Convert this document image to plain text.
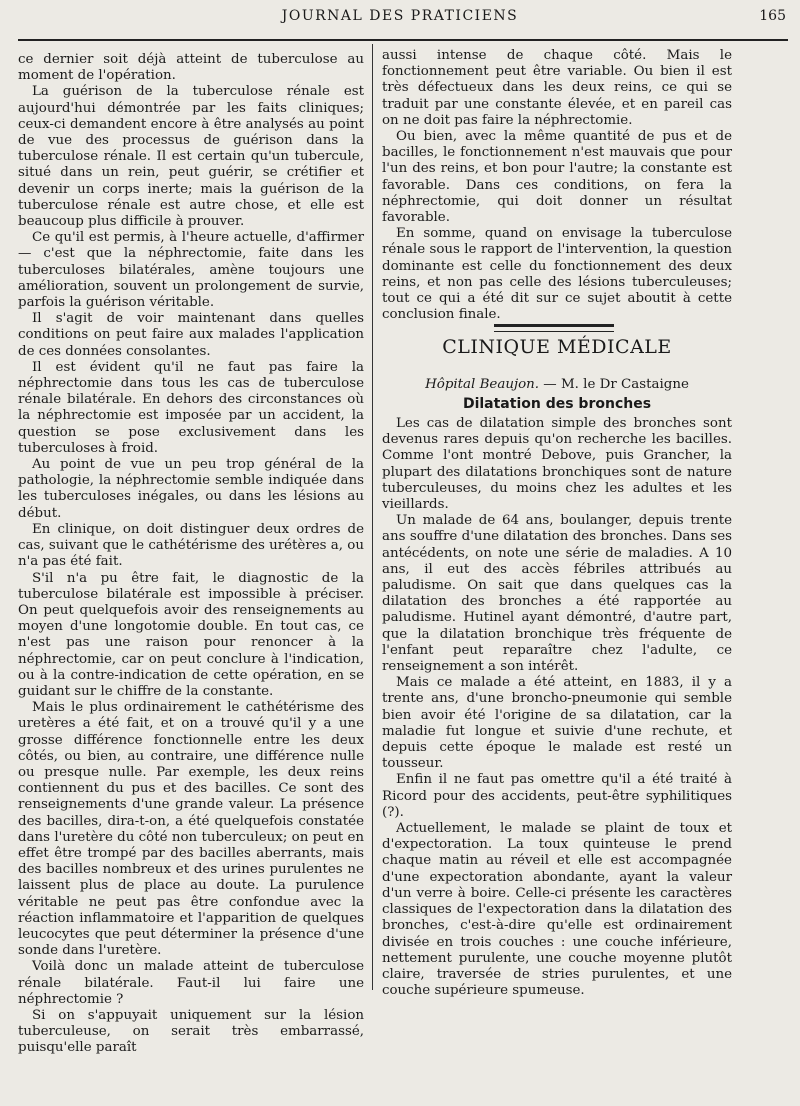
JOURNAL DES PRATICIENS	165

ce dernier soit déjà atteint de tuberculose au moment de l'opération.

La guérison de la tuberculose rénale est aujourd'hui démontrée par les faits cliniques; ceux-ci demandent encore à être analysés au point de vue des processus de guérison dans la tuberculose rénale. Il est certain qu'un tubercule, situé dans un rein, peut guérir, se crétifier et devenir un corps inerte; mais la guérison de la tuberculose rénale est autre chose, et elle est beaucoup plus difficile à prouver.

Ce qu'il est permis, à l'heure actuelle, d'affirmer — c'est que la néphrectomie, faite dans les tuberculoses bilatérales, amène toujours une amélioration, souvent un prolongement de survie, parfois la guérison véritable.

Il s'agit de voir maintenant dans quelles conditions on peut faire aux malades l'application de ces données consolantes.

Il est évident qu'il ne faut pas faire la néphrectomie dans tous les cas de tuberculose rénale bilatérale. En dehors des circonstances où la néphrectomie est imposée par un accident, la question se pose exclusivement dans les tuberculoses à froid.

Au point de vue un peu trop général de la pathologie, la néphrectomie semble indiquée dans les tuberculoses inégales, ou dans les lésions au début.

En clinique, on doit distinguer deux ordres de cas, suivant que le cathétérisme des urétères a, ou n'a pas été fait.

S'il n'a pu être fait, le diagnostic de la tuberculose bilatérale est impossible à préciser. On peut quelquefois avoir des renseignements au moyen d'une longotomie double. En tout cas, ce n'est pas une raison pour renoncer à la néphrectomie, car on peut conclure à l'indication, ou à la contre-indication de cette opération, en se guidant sur le chiffre de la constante.

Mais le plus ordinairement le cathétérisme des uretères a été fait, et on a trouvé qu'il y a une grosse différence fonctionnelle entre les deux côtés, ou bien, au contraire, une différence nulle ou presque nulle. Par exemple, les deux reins contiennent du pus et des bacilles. Ce sont des renseignements d'une grande valeur. La présence des bacilles, dira-t-on, a été quelquefois constatée dans l'uretère du côté non tuberculeux; on peut en effet être trompé par des bacilles aberrants, mais des bacilles nombreux et des urines purulentes ne laissent plus de place au doute. La purulence véritable ne peut pas être confondue avec la réaction inflammatoire et l'apparition de quelques leucocytes que peut déterminer la présence d'une sonde dans l'uretère.

Voilà donc un malade atteint de tuberculose rénale bilatérale. Faut-il lui faire une néphrectomie ?

Si on s'appuyait uniquement sur la lésion tuberculeuse, on serait très embarrassé, puisqu'elle paraît

aussi intense de chaque côté. Mais le fonctionnement peut être variable. Ou bien il est très défectueux dans les deux reins, ce qui se traduit par une constante élevée, et en pareil cas on ne doit pas faire la néphrectomie.

Ou bien, avec la même quantité de pus et de bacilles, le fonctionnement n'est mauvais que pour l'un des reins, et bon pour l'autre; la constante est favorable. Dans ces conditions, on fera la néphrectomie, qui doit donner un résultat favorable.

En somme, quand on envisage la tuberculose rénale sous le rapport de l'intervention, la question dominante est celle du fonctionnement des deux reins, et non pas celle des lésions tuberculeuses; tout ce qui a été dit sur ce sujet aboutit à cette conclusion finale.

CLINIQUE MÉDICALE
Hôpital Beaujon. — M. le Dr Castaigne
Dilatation des bronches

Les cas de dilatation simple des bronches sont devenus rares depuis qu'on recherche les bacilles. Comme l'ont montré Debove, puis Grancher, la plupart des dilatations bronchiques sont de nature tuberculeuses, du moins chez les adultes et les vieillards.

Un malade de 64 ans, boulanger, depuis trente ans souffre d'une dilatation des bronches. Dans ses antécédents, on note une série de maladies. A 10 ans, il eut des accès fébriles attribués au paludisme. On sait que dans quelques cas la dilatation des bronches a été rapportée au paludisme. Hutinel ayant démontré, d'autre part, que la dilatation bronchique très fréquente de l'enfant peut reparaître chez l'adulte, ce renseignement a son intérêt.

Mais ce malade a été atteint, en 1883, il y a trente ans, d'une broncho-pneumonie qui semble bien avoir été l'origine de sa dilatation, car la maladie fut longue et suivie d'une rechute, et depuis cette époque le malade est resté un tousseur.

Enfin il ne faut pas omettre qu'il a été traité à Ricord pour des accidents, peut-être syphilitiques (?).

Actuellement, le malade se plaint de toux et d'expectoration. La toux quinteuse le prend chaque matin au réveil et elle est accompagnée d'une expectoration abondante, ayant la valeur d'un verre à boire. Celle-ci présente les caractères classiques de l'expectoration dans la dilatation des bronches, c'est-à-dire qu'elle est ordinairement divisée en trois couches : une couche inférieure, nettement purulente, une couche moyenne plutôt claire, traversée de stries purulentes, et une couche supérieure spumeuse.
